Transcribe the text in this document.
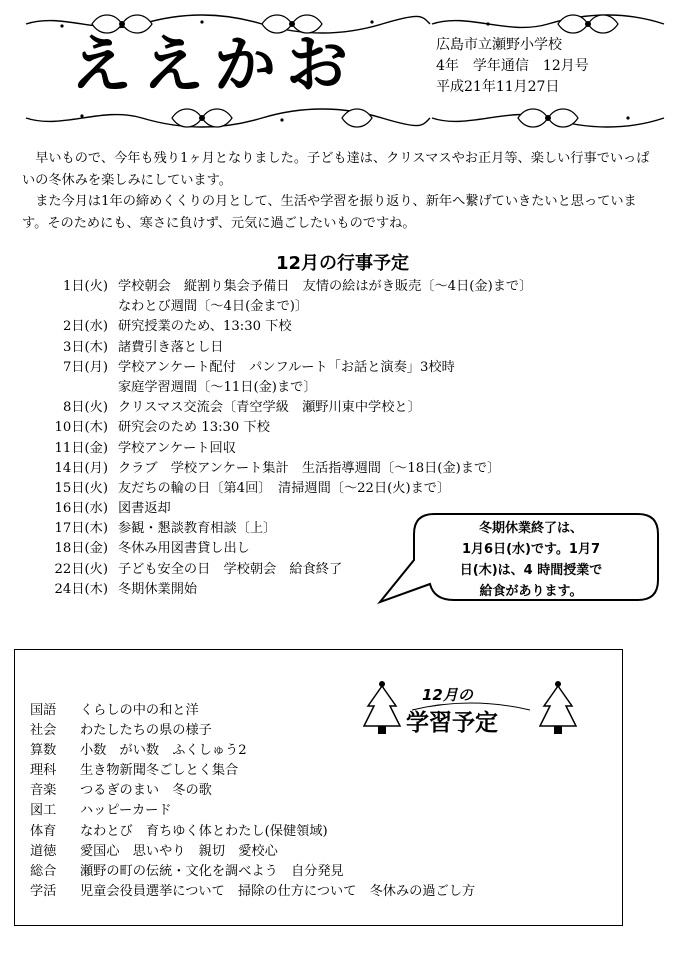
ええかお	広島市立瀬野小学校
4年　学年通信　12月号
平成21年11月27日

早いもので、今年も残り1ヶ月となりました。子ども達は、クリスマスやお正月等、楽しい行事でいっぱいの冬休みを楽しみにしています。

また今月は1年の締めくくりの月として、生活や学習を振り返り、新年へ繋げていきたいと思っています。そのためにも、寒さに負けず、元気に過ごしたいものですね。

12月の行事予定
1日(火) 学校朝会　縦割り集会予備日　友情の絵はがき販売〔～4日(金)まで〕
なわとび週間〔～4日(金まで)〕
2日(水) 研究授業のため、13:30 下校
3日(木) 諸費引き落とし日
7日(月) 学校アンケート配付　パンフルート「お話と演奏」3校時
家庭学習週間〔～11日(金)まで〕
8日(火) クリスマス交流会〔青空学級　瀬野川東中学校と〕
10日(木) 研究会のため 13:30 下校
11日(金) 学校アンケート回収
14日(月) クラブ　学校アンケート集計　生活指導週間〔～18日(金)まで〕
15日(火) 友だちの輪の日〔第4回〕　清掃週間〔～22日(火)まで〕
16日(水) 図書返却
17日(木) 参観・懇談教育相談〔上〕
18日(金) 冬休み用図書貸し出し
22日(火) 子ども安全の日　学校朝会　給食終了
24日(木) 冬期休業開始
冬期休業終了は、
1月6日(水)です。1月7
日(木)は、4 時間授業で
給食があります。
12月の
学習予定
国語	くらしの中の和と洋
社会	わたしたちの県の様子
算数	小数　がい数　ふくしゅう2
理科	生き物新聞冬ごしとく集合
音楽	つるぎのまい　冬の歌
図工	ハッピーカード
体育	なわとび　育ちゆく体とわたし(保健領域)
道徳	愛国心　思いやり　親切　愛校心
総合	瀬野の町の伝統・文化を調べよう　自分発見
学活	児童会役員選挙について　掃除の仕方について　冬休みの過ごし方
